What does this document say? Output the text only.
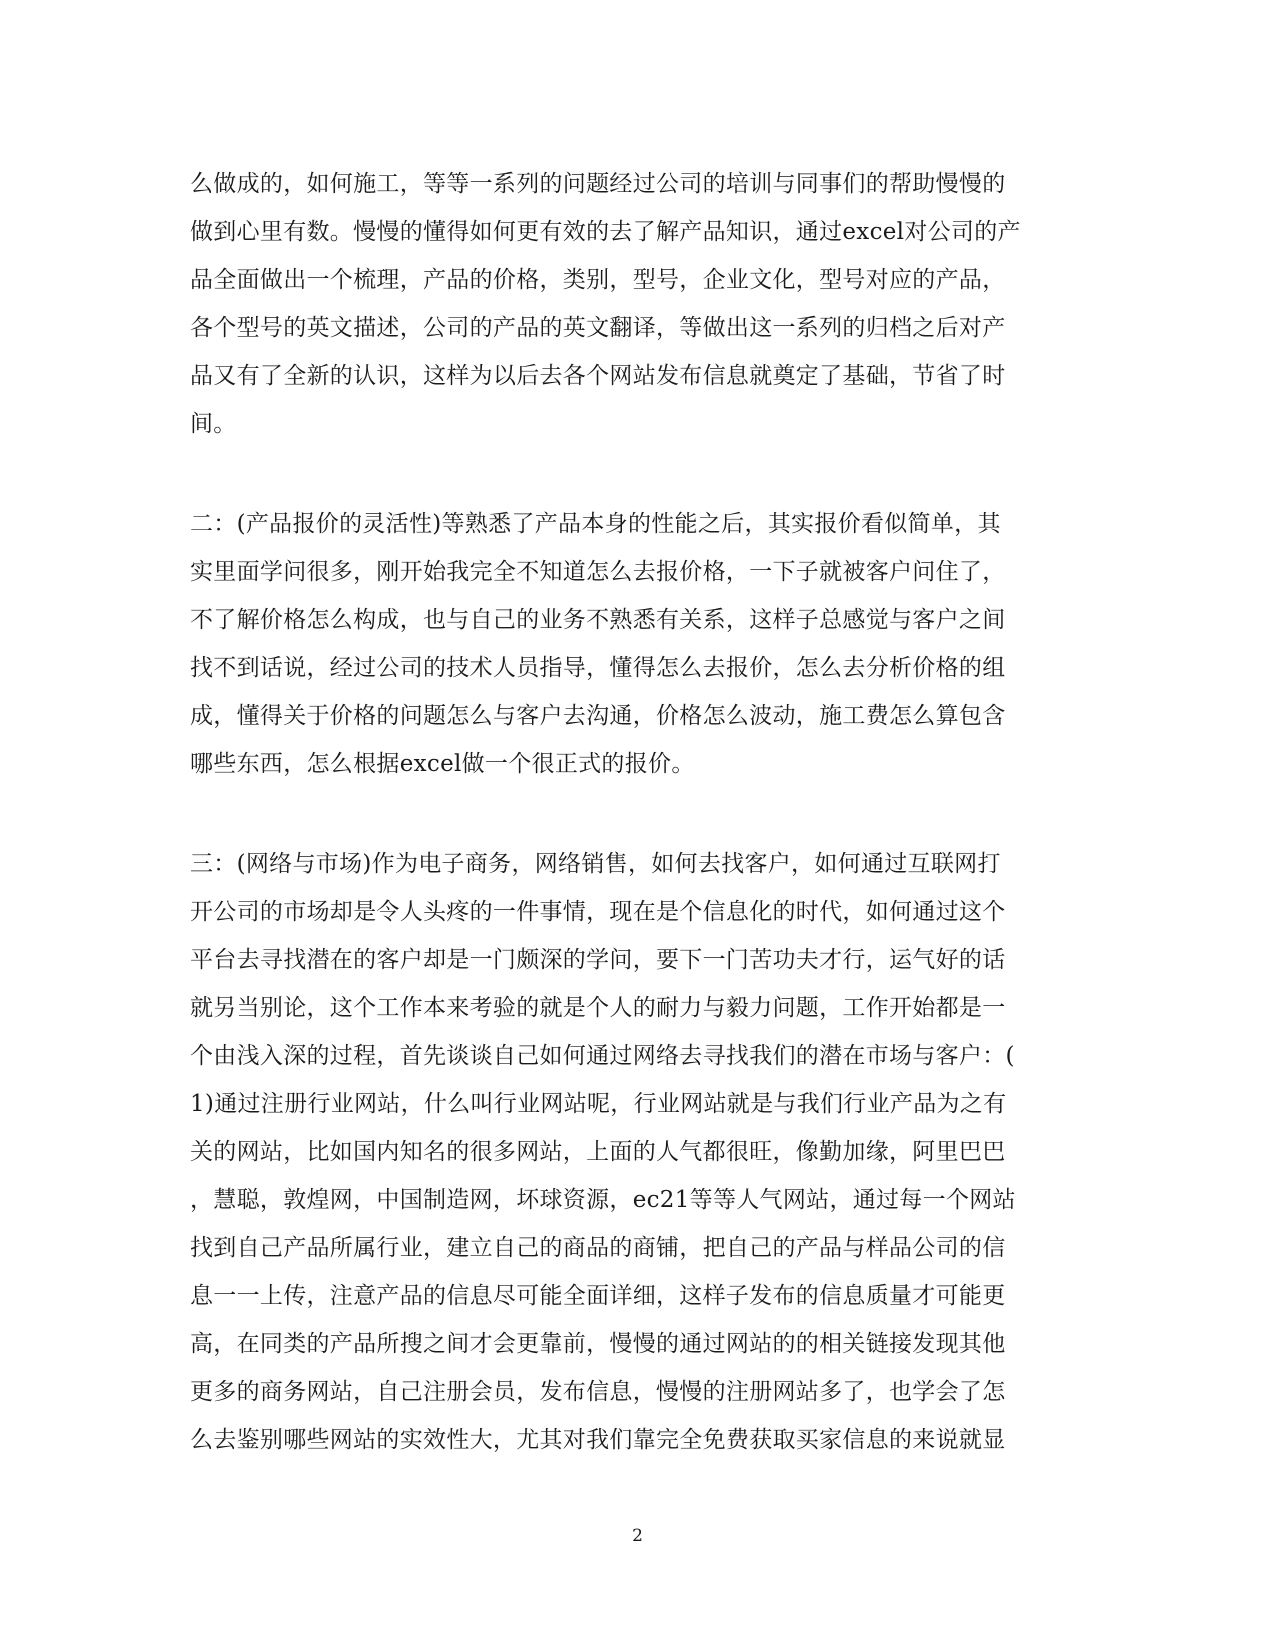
么做成的，如何施工，等等一系列的问题经过公司的培训与同事们的帮助慢慢的
做到心里有数。慢慢的懂得如何更有效的去了解产品知识，通过excel对公司的产
品全面做出一个梳理，产品的价格，类别，型号，企业文化，型号对应的产品，
各个型号的英文描述，公司的产品的英文翻译，等做出这一系列的归档之后对产
品又有了全新的认识，这样为以后去各个网站发布信息就奠定了基础，节省了时
间。
二：(产品报价的灵活性)等熟悉了产品本身的性能之后，其实报价看似简单，其
实里面学问很多，刚开始我完全不知道怎么去报价格，一下子就被客户问住了，
不了解价格怎么构成，也与自己的业务不熟悉有关系，这样子总感觉与客户之间
找不到话说，经过公司的技术人员指导，懂得怎么去报价，怎么去分析价格的组
成，懂得关于价格的问题怎么与客户去沟通，价格怎么波动，施工费怎么算包含
哪些东西，怎么根据excel做一个很正式的报价。
三：(网络与市场)作为电子商务，网络销售，如何去找客户，如何通过互联网打
开公司的市场却是令人头疼的一件事情，现在是个信息化的时代，如何通过这个
平台去寻找潜在的客户却是一门颇深的学问，要下一门苦功夫才行，运气好的话
就另当别论，这个工作本来考验的就是个人的耐力与毅力问题，工作开始都是一
个由浅入深的过程，首先谈谈自己如何通过网络去寻找我们的潜在市场与客户：(
1)通过注册行业网站，什么叫行业网站呢，行业网站就是与我们行业产品为之有
关的网站，比如国内知名的很多网站，上面的人气都很旺，像勤加缘，阿里巴巴
，慧聪，敦煌网，中国制造网，坏球资源，ec21等等人气网站，通过每一个网站
找到自己产品所属行业，建立自己的商品的商铺，把自己的产品与样品公司的信
息一一上传，注意产品的信息尽可能全面详细，这样子发布的信息质量才可能更
高，在同类的产品所搜之间才会更靠前，慢慢的通过网站的的相关链接发现其他
更多的商务网站，自己注册会员，发布信息，慢慢的注册网站多了，也学会了怎
么去鉴别哪些网站的实效性大，尤其对我们靠完全免费获取买家信息的来说就显
2
